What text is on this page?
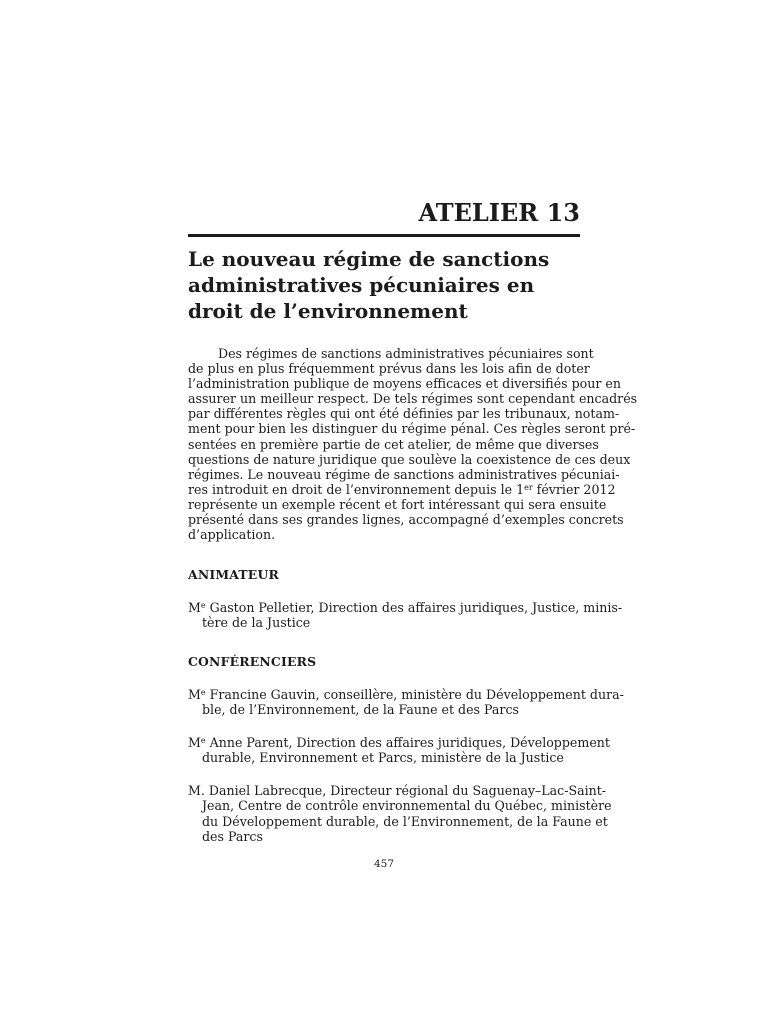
ATELIER 13
Le nouveau régime de sanctions
administratives pécuniaires en
droit de l’environnement
Des régimes de sanctions administratives pécuniaires sont
de plus en plus fréquemment prévus dans les lois afin de doter
l’administration publique de moyens efficaces et diversifiés pour en
assurer un meilleur respect. De tels régimes sont cependant encadrés
par différentes règles qui ont été définies par les tribunaux, notam-
ment pour bien les distinguer du régime pénal. Ces règles seront pré-
sentées en première partie de cet atelier, de même que diverses
questions de nature juridique que soulève la coexistence de ces deux
régimes. Le nouveau régime de sanctions administratives pécuniai-
res introduit en droit de l’environnement depuis le 1er février 2012
représente un exemple récent et fort intéressant qui sera ensuite
présenté dans ses grandes lignes, accompagné d’exemples concrets
d’application.
ANIMATEUR
Me Gaston Pelletier, Direction des affaires juridiques, Justice, minis-
tère de la Justice
CONFÉRENCIERS
Me Francine Gauvin, conseillère, ministère du Développement dura-
ble, de l’Environnement, de la Faune et des Parcs
Me Anne Parent, Direction des affaires juridiques, Développement
durable, Environnement et Parcs, ministère de la Justice
M. Daniel Labrecque, Directeur régional du Saguenay–Lac-Saint-
Jean, Centre de contrôle environnemental du Québec, ministère
du Développement durable, de l’Environnement, de la Faune et
des Parcs
457
